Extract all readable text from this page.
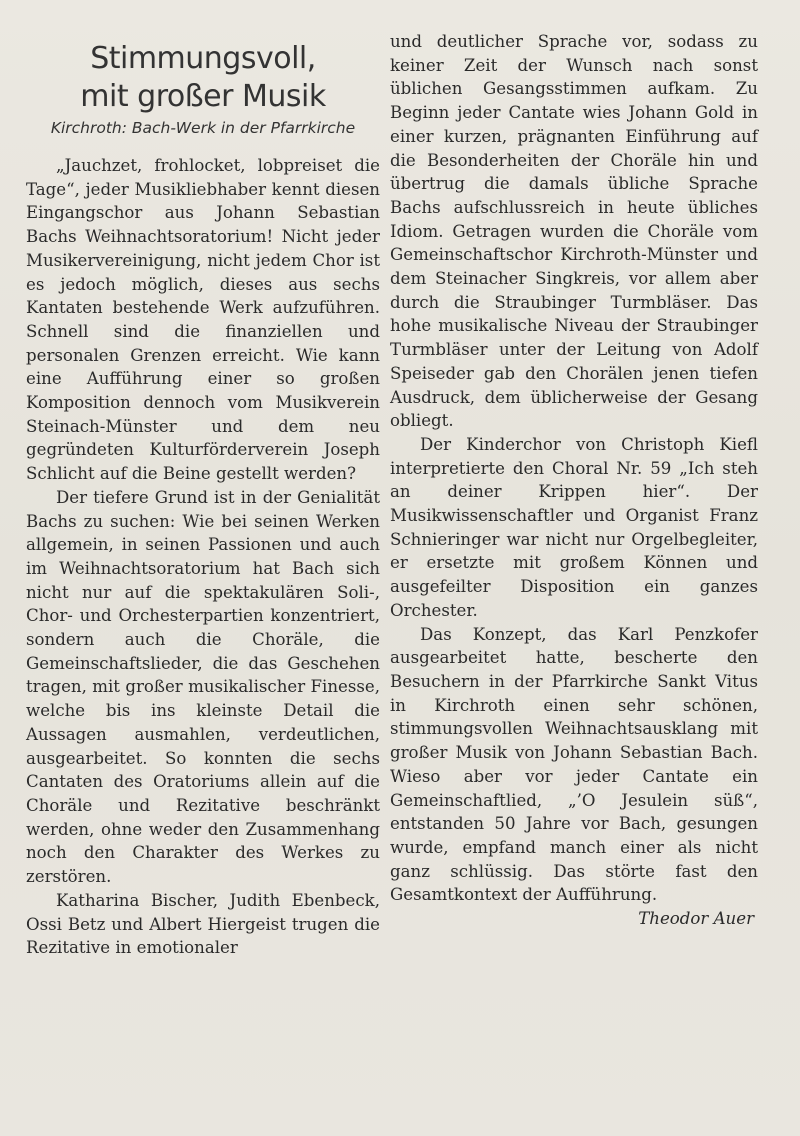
Stimmungsvoll,
mit großer Musik
Kirchroth: Bach-Werk in der Pfarrkirche

„Jauchzet, frohlocket, lobpreiset die Tage“, jeder Musikliebhaber kennt diesen Eingangschor aus Johann Sebastian Bachs Weihnachtsoratorium! Nicht jeder Musikervereinigung, nicht jedem Chor ist es jedoch möglich, dieses aus sechs Kantaten bestehende Werk aufzuführen. Schnell sind die finanziellen und personalen Grenzen erreicht. Wie kann eine Aufführung einer so großen Komposition dennoch vom Musikverein Steinach-Münster und dem neu gegründeten Kulturförderverein Joseph Schlicht auf die Beine gestellt werden?

Der tiefere Grund ist in der Genialität Bachs zu suchen: Wie bei seinen Werken allgemein, in seinen Passionen und auch im Weihnachtsoratorium hat Bach sich nicht nur auf die spektakulären Soli-, Chor- und Orchesterpartien konzentriert, sondern auch die Choräle, die Gemeinschaftslieder, die das Geschehen tragen, mit großer musikalischer Finesse, welche bis ins kleinste Detail die Aussagen ausmahlen, verdeutlichen, ausgearbeitet. So konnten die sechs Cantaten des Oratoriums allein auf die Choräle und Rezitative beschränkt werden, ohne weder den Zusammenhang noch den Charakter des Werkes zu zerstören.

Katharina Bischer, Judith Ebenbeck, Ossi Betz und Albert Hiergeist trugen die Rezitative in emotionaler

und deutlicher Sprache vor, sodass zu keiner Zeit der Wunsch nach sonst üblichen Gesangsstimmen aufkam. Zu Beginn jeder Cantate wies Johann Gold in einer kurzen, prägnanten Einführung auf die Besonderheiten der Choräle hin und übertrug die damals übliche Sprache Bachs aufschlussreich in heute übliches Idiom. Getragen wurden die Choräle vom Gemeinschaftschor Kirchroth-Münster und dem Steinacher Singkreis, vor allem aber durch die Straubinger Turmbläser. Das hohe musikalische Niveau der Straubinger Turmbläser unter der Leitung von Adolf Speiseder gab den Chorälen jenen tiefen Ausdruck, dem üblicherweise der Gesang obliegt.

Der Kinderchor von Christoph Kiefl interpretierte den Choral Nr. 59 „Ich steh an deiner Krippen hier“. Der Musikwissenschaftler und Organist Franz Schnieringer war nicht nur Orgelbegleiter, er ersetzte mit großem Können und ausgefeilter Disposition ein ganzes Orchester.

Das Konzept, das Karl Penzkofer ausgearbeitet hatte, bescherte den Besuchern in der Pfarrkirche Sankt Vitus in Kirchroth einen sehr schönen, stimmungsvollen Weihnachtsausklang mit großer Musik von Johann Sebastian Bach. Wieso aber vor jeder Cantate ein Gemeinschaftlied, „’O Jesulein süß“, entstanden 50 Jahre vor Bach, gesungen wurde, empfand manch einer als nicht ganz schlüssig. Das störte fast den Gesamtkontext der Aufführung.

Theodor Auer
